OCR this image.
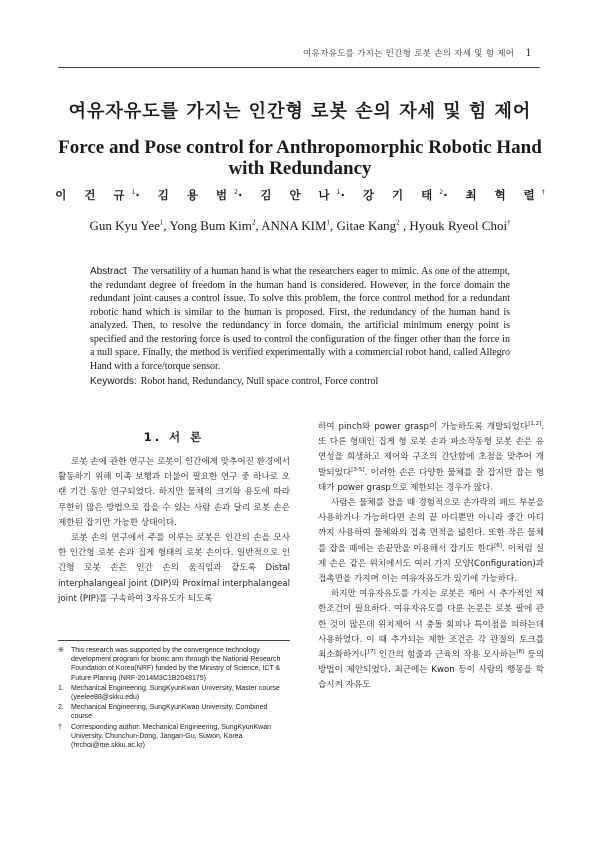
여유자유도를 가지는 인간형 로봇 손의 자세 및 힘 제어 1
여유자유도를 가지는 인간형 로봇 손의 자세 및 힘 제어
Force and Pose control for Anthropomorphic Robotic Hand with Redundancy
이 건 규$^1$· 김 용 범$^2$· 김 안 나$^1$· 강 기 태$^2$· 최 혁 렬†
Gun Kyu Yee$^1$, Yong Bum Kim$^2$, ANNA KIM$^1$, Gitae Kang$^2$ , Hyouk Ryeol Choi†
Abstract The versatility of a human hand is what the researchers eager to mimic. As one of the attempt, the redundant degree of freedom in the human hand is considered. However, in the force domain the redundant joint causes a control issue. To solve this problem, the force control method for a redundant robotic hand which is similar to the human is proposed. First, the redundancy of the human hand is analyzed. Then, to resolve the redundancy in force domain, the artificial minimum energy point is specified and the restoring force is used to control the configuration of the finger other than the force in a null space. Finally, the method is verified experimentally with a commercial robot hand, called Allegro Hand with a force/torque sensor.
Keywords: Robot hand, Redundancy, Null space control, Force control
1. 서 론

로봇 손에 관한 연구는 로봇이 인간에게 맞추어진 환경에서 활동하기 위해 이족 보행과 더불어 필요한 연구 중 하나로 오랜 기간 동안 연구되었다. 하지만 물체의 크기와 용도에 따라 무한히 많은 방법으로 잡을 수 있는 사람 손과 달리 로봇 손은 제한된 잡기만 가능한 상태이다.

로봇 손의 연구에서 주를 이루는 로봇은 인간의 손을 모사한 인간형 로봇 손과 집게 형태의 로봇 손이다. 일반적으로 인간형 로봇 손은 인간 손의 움직임과 같도록 Distal interphalangeal joint (DIP)와 Proximal interphalangeal joint (PIP)를 구속하여 3자유도가 되도록

하여 pinch와 power grasp이 가능하도록 개발되었다[1,2]. 또 다른 형태인 집게 형 로봇 손과 파소작동형 로봇 손은 유연성을 희생하고 제어와 구조의 간단함에 초점을 맞추어 개발되었다[3-5]. 이러한 손은 다양한 물체를 잘 잡지만 잡는 형태가 power grasp으로 제한되는 경우가 많다.

사람은 물체를 잡을 때 경험적으로 손가락의 패드 부분을 사용하거나 가능하다면 손의 끝 마디뿐만 아니라 중간 마디까지 사용하여 물체와의 접촉 면적을 넓힌다. 또한 작은 물체를 잡을 때에는 손끝만을 이용해서 잡기도 한다[6]. 이처럼 실제 손은 같은 위치에서도 여러 가지 모양(Configuration)과 접촉면을 가지며 이는 여유자유도가 있기에 가능하다.

하지만 여유자유도를 가지는 로봇은 제어 시 추가적인 제한조건이 필요하다. 여유자유도를 다룬 논문은 로봇 팔에 관한 것이 많은데 위치제어 시 충돌 회피나 특이점을 피하는데 사용하였다. 이 때 추가되는 제한 조건은 각 관절의 토크를 최소화하거나[7] 인간의 힘줄과 근육의 작용 모사하는[8] 등의 방법이 제안되었다. 최근에는 Kwon 등이 사람의 행동을 학습시켜 자유도

※	This research was supported by the convergence technology development program for bionic arm through the National Research Foundation of Korea(NRF) funded by the Ministry of Science, ICT & Future Plannig (NRF-2014M3C1B2048175)
1.	Mechanical Engineering, SungKyunKwan University, Master course (yeelee88@skku.edu)
2.	Mechanical Engineering, SungKyunKwan University, Combined course
†	Corresponding author: Mechanical Engineering, SungKyunKwan University, Chunchun-Dong, Jangan-Gu, Suwon, Korea (hrchoi@me.skku.ac.kr)
